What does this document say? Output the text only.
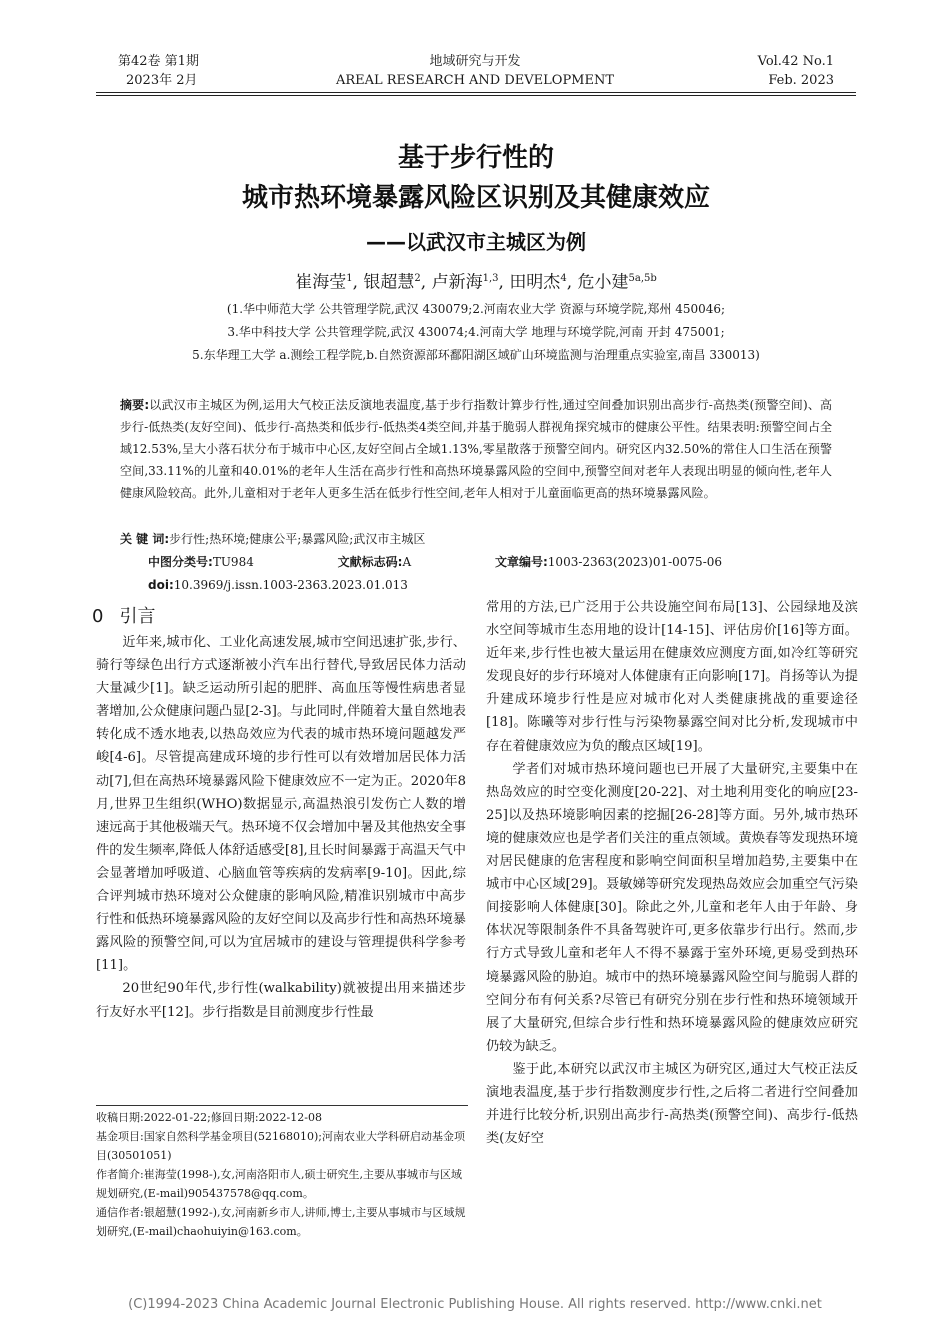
第42卷 第1期
2023年 2月
地域研究与开发
AREAL RESEARCH AND DEVELOPMENT
Vol.42 No.1
Feb. 2023
基于步行性的
城市热环境暴露风险区识别及其健康效应
——以武汉市主城区为例
崔海莹$^1$, 银超慧$^2$, 卢新海$^{1,3}$, 田明杰$^4$, 危小建$^{5a,5b}$
(1.华中师范大学 公共管理学院,武汉 430079;2.河南农业大学 资源与环境学院,郑州 450046;
3.华中科技大学 公共管理学院,武汉 430074;4.河南大学 地理与环境学院,河南 开封 475001;
5.东华理工大学 a.测绘工程学院,b.自然资源部环鄱阳湖区域矿山环境监测与治理重点实验室,南昌 330013)
摘要:以武汉市主城区为例,运用大气校正法反演地表温度,基于步行指数计算步行性,通过空间叠加识别出高步行-高热类(预警空间)、高步行-低热类(友好空间)、低步行-高热类和低步行-低热类4类空间,并基于脆弱人群视角探究城市的健康公平性。结果表明:预警空间占全域12.53%,呈大小落石状分布于城市中心区,友好空间占全域1.13%,零星散落于预警空间内。研究区内32.50%的常住人口生活在预警空间,33.11%的儿童和40.01%的老年人生活在高步行性和高热环境暴露风险的空间中,预警空间对老年人表现出明显的倾向性,老年人健康风险较高。此外,儿童相对于老年人更多生活在低步行性空间,老年人相对于儿童面临更高的热环境暴露风险。
关 键 词:步行性;热环境;健康公平;暴露风险;武汉市主城区
中图分类号:TU984	文献标志码:A	文章编号:1003-2363(2023)01-0075-06
doi:10.3969/j.issn.1003-2363.2023.01.013
0 引言

近年来,城市化、工业化高速发展,城市空间迅速扩张,步行、骑行等绿色出行方式逐渐被小汽车出行替代,导致居民体力活动大量减少[1]。缺乏运动所引起的肥胖、高血压等慢性病患者显著增加,公众健康问题凸显[2-3]。与此同时,伴随着大量自然地表转化成不透水地表,以热岛效应为代表的城市热环境问题越发严峻[4-6]。尽管提高建成环境的步行性可以有效增加居民体力活动[7],但在高热环境暴露风险下健康效应不一定为正。2020年8月,世界卫生组织(WHO)数据显示,高温热浪引发伤亡人数的增速远高于其他极端天气。热环境不仅会增加中暑及其他热安全事件的发生频率,降低人体舒适感受[8],且长时间暴露于高温天气中会显著增加呼吸道、心脑血管等疾病的发病率[9-10]。因此,综合评判城市热环境对公众健康的影响风险,精准识别城市中高步行性和低热环境暴露风险的友好空间以及高步行性和高热环境暴露风险的预警空间,可以为宜居城市的建设与管理提供科学参考[11]。

20世纪90年代,步行性(walkability)就被提出用来描述步行友好水平[12]。步行指数是目前测度步行性最

常用的方法,已广泛用于公共设施空间布局[13]、公园绿地及滨水空间等城市生态用地的设计[14-15]、评估房价[16]等方面。近年来,步行性也被大量运用在健康效应测度方面,如冷红等研究发现良好的步行环境对人体健康有正向影响[17]。肖扬等认为提升建成环境步行性是应对城市化对人类健康挑战的重要途径[18]。陈曦等对步行性与污染物暴露空间对比分析,发现城市中存在着健康效应为负的酸点区域[19]。

学者们对城市热环境问题也已开展了大量研究,主要集中在热岛效应的时空变化测度[20-22]、对土地利用变化的响应[23-25]以及热环境影响因素的挖掘[26-28]等方面。另外,城市热环境的健康效应也是学者们关注的重点领域。黄焕春等发现热环境对居民健康的危害程度和影响空间面积呈增加趋势,主要集中在城市中心区域[29]。聂敏娣等研究发现热岛效应会加重空气污染间接影响人体健康[30]。除此之外,儿童和老年人由于年龄、身体状况等限制条件不具备驾驶许可,更多依靠步行出行。然而,步行方式导致儿童和老年人不得不暴露于室外环境,更易受到热环境暴露风险的胁迫。城市中的热环境暴露风险空间与脆弱人群的空间分布有何关系?尽管已有研究分别在步行性和热环境领域开展了大量研究,但综合步行性和热环境暴露风险的健康效应研究仍较为缺乏。

鉴于此,本研究以武汉市主城区为研究区,通过大气校正法反演地表温度,基于步行指数测度步行性,之后将二者进行空间叠加并进行比较分析,识别出高步行-高热类(预警空间)、高步行-低热类(友好空

收稿日期:2022-01-22;修回日期:2022-12-08

基金项目:国家自然科学基金项目(52168010);河南农业大学科研启动基金项目(30501051)

作者简介:崔海莹(1998-),女,河南洛阳市人,硕士研究生,主要从事城市与区域规划研究,(E-mail)905437578@qq.com。

通信作者:银超慧(1992-),女,河南新乡市人,讲师,博士,主要从事城市与区域规划研究,(E-mail)chaohuiyin@163.com。

(C)1994-2023 China Academic Journal Electronic Publishing House. All rights reserved. http://www.cnki.net
